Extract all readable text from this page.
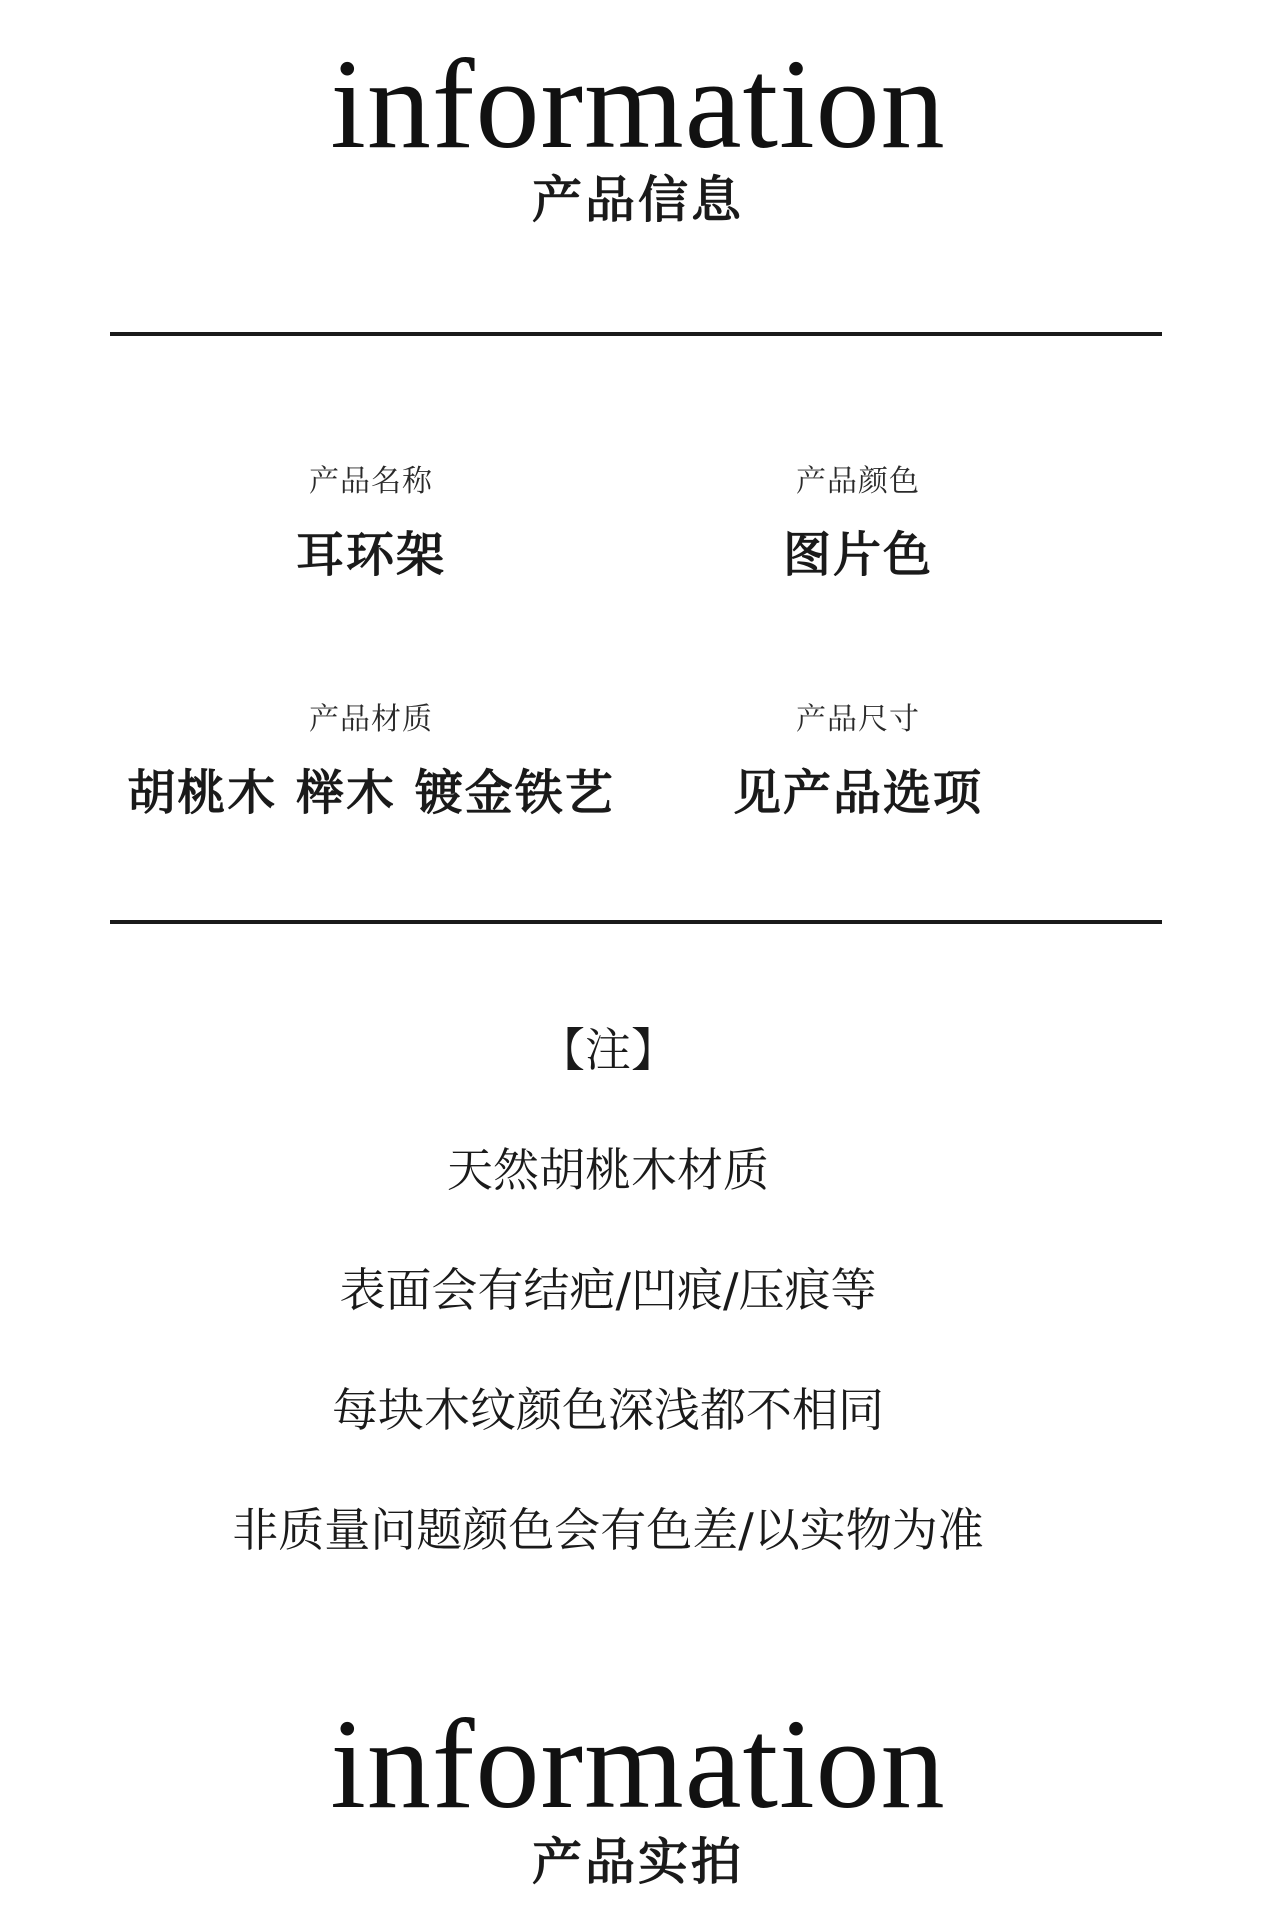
information
产品信息
产品名称
耳环架
产品颜色
图片色
产品材质
胡桃木 榉木 镀金铁艺
产品尺寸
见产品选项
【注】
天然胡桃木材质
表面会有结疤/凹痕/压痕等
每块木纹颜色深浅都不相同
非质量问题颜色会有色差/以实物为准
information
产品实拍
